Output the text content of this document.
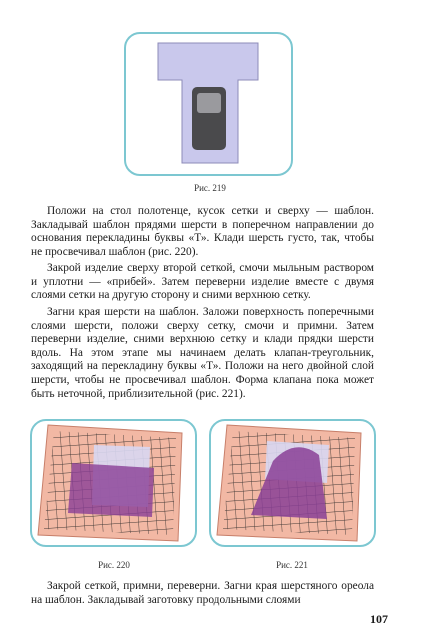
Рис. 219

Положи на стол полотенце, кусок сетки и сверху — шаблон. Закладывай шаблон прядями шерсти в поперечном направлении до основания перекладины буквы «Т». Клади шерсть густо, так, чтобы не просвечивал шаблон (рис. 220).

Закрой изделие сверху второй сеткой, смочи мыльным раствором и уплотни — «прибей». Затем переверни изделие вместе с двумя слоями сетки на другую сторону и сними верхнюю сетку.

Загни края шерсти на шаблон. Заложи поверхность поперечными слоями шерсти, положи сверху сетку, смочи и примни. Затем переверни изделие, сними верхнюю сетку и клади прядки шерсти вдоль. На этом этапе мы начинаем делать клапан-треугольник, заходящий на перекладину буквы «Т». Положи на него двойной слой шерсти, чтобы не просвечивал шаблон. Форма клапана пока может быть неточной, приблизительной (рис. 221).

Рис. 220	Рис. 221

Закрой сеткой, примни, переверни. Загни края шерстяного ореола на шаблон. Закладывай заготовку продольными слоями

107
